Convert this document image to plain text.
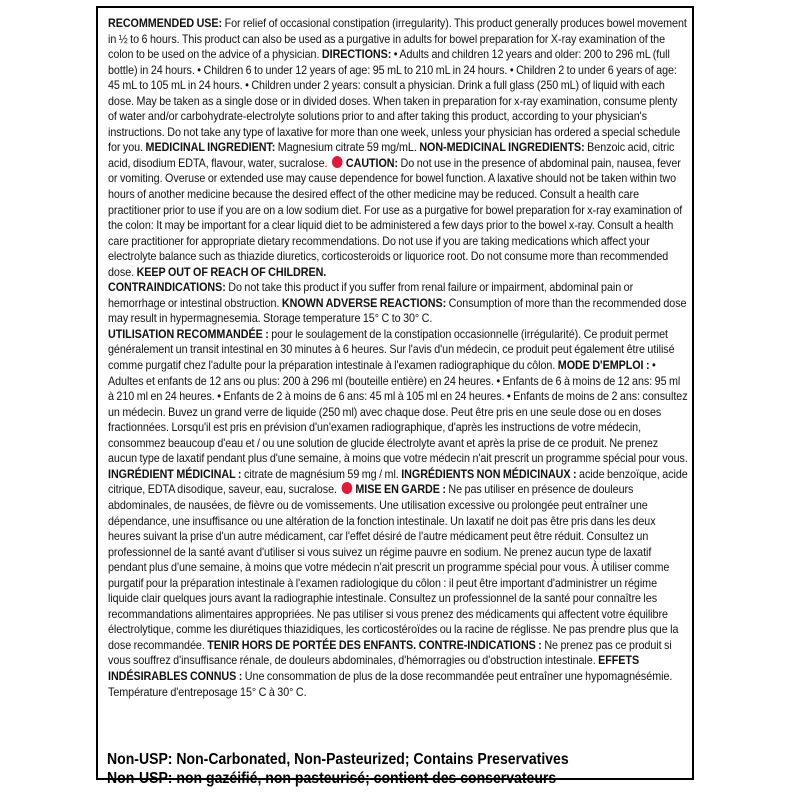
RECOMMENDED USE: For relief of occasional constipation (irregularity). This product generally produces bowel movement in ½ to 6 hours. This product can also be used as a purgative in adults for bowel preparation for X-ray examination of the colon to be used on the advice of a physician. DIRECTIONS: • Adults and children 12 years and older: 200 to 296 mL (full bottle) in 24 hours. • Children 6 to under 12 years of age: 95 mL to 210 mL in 24 hours. • Children 2 to under 6 years of age: 45 mL to 105 mL in 24 hours. • Children under 2 years: consult a physician. Drink a full glass (250 mL) of liquid with each dose. May be taken as a single dose or in divided doses. When taken in preparation for x-ray examination, consume plenty of water and/or carbohydrate-electrolyte solutions prior to and after taking this product, according to your physician's instructions. Do not take any type of laxative for more than one week, unless your physician has ordered a special schedule for you. MEDICINAL INGREDIENT: Magnesium citrate 59 mg/mL. NON-MEDICINAL INGREDIENTS: Benzoic acid, citric acid, disodium EDTA, flavour, water, sucralose. CAUTION: Do not use in the presence of abdominal pain, nausea, fever or vomiting. Overuse or extended use may cause dependence for bowel function. A laxative should not be taken within two hours of another medicine because the desired effect of the other medicine may be reduced. Consult a health care practitioner prior to use if you are on a low sodium diet. For use as a purgative for bowel preparation for x-ray examination of the colon: It may be important for a clear liquid diet to be administered a few days prior to the bowel x-ray. Consult a health care practitioner for appropriate dietary recommendations. Do not use if you are taking medications which affect your electrolyte balance such as thiazide diuretics, corticosteroids or liquorice root. Do not consume more than recommended dose. KEEP OUT OF REACH OF CHILDREN.

CONTRAINDICATIONS: Do not take this product if you suffer from renal failure or impairment, abdominal pain or hemorrhage or intestinal obstruction. KNOWN ADVERSE REACTIONS: Consumption of more than the recommended dose may result in hypermagnesemia. Storage temperature 15° C to 30° C.

UTILISATION RECOMMANDÉE : pour le soulagement de la constipation occasionnelle (irrégularité). Ce produit permet généralement un transit intestinal en 30 minutes à 6 heures. Sur l'avis d'un médecin, ce produit peut également être utilisé comme purgatif chez l'adulte pour la préparation intestinale à l'examen radiographique du côlon. MODE D'EMPLOI : • Adultes et enfants de 12 ans ou plus: 200 à 296 ml (bouteille entière) en 24 heures. • Enfants de 6 à moins de 12 ans: 95 ml à 210 ml en 24 heures. • Enfants de 2 à moins de 6 ans: 45 ml à 105 ml en 24 heures. • Enfants de moins de 2 ans: consultez un médecin. Buvez un grand verre de liquide (250 ml) avec chaque dose. Peut être pris en une seule dose ou en doses fractionnées. Lorsqu'il est pris en prévision d'un'examen radiographique, d'après les instructions de votre médecin, consommez beaucoup d'eau et / ou une solution de glucide électrolyte avant et après la prise de ce produit. Ne prenez aucun type de laxatif pendant plus d'une semaine, à moins que votre médecin n'ait prescrit un programme spécial pour vous. INGRÉDIENT MÉDICINAL : citrate de magnésium 59 mg / ml. INGRÉDIENTS NON MÉDICINAUX : acide benzoïque, acide citrique, EDTA disodique, saveur, eau, sucralose. MISE EN GARDE : Ne pas utiliser en présence de douleurs abdominales, de nausées, de fièvre ou de vomissements. Une utilisation excessive ou prolongée peut entraîner une dépendance, une insuffisance ou une altération de la fonction intestinale. Un laxatif ne doit pas être pris dans les deux heures suivant la prise d'un autre médicament, car l'effet désiré de l'autre médicament peut être réduit. Consultez un professionnel de la santé avant d'utiliser si vous suivez un régime pauvre en sodium. Ne prenez aucun type de laxatif pendant plus d'une semaine, à moins que votre médecin n'ait prescrit un programme spécial pour vous. À utiliser comme purgatif pour la préparation intestinale à l'examen radiologique du côlon : il peut être important d'administrer un régime liquide clair quelques jours avant la radiographie intestinale. Consultez un professionnel de la santé pour connaître les recommandations alimentaires appropriées. Ne pas utiliser si vous prenez des médicaments qui affectent votre équilibre électrolytique, comme les diurétiques thiazidiques, les corticostéroïdes ou la racine de réglisse. Ne pas prendre plus que la dose recommandée. TENIR HORS DE PORTÉE DES ENFANTS. CONTRE-INDICATIONS : Ne prenez pas ce produit si vous souffrez d'insuffisance rénale, de douleurs abdominales, d'hémorragies ou d'obstruction intestinale. EFFETS INDÉSIRABLES CONNUS : Une consommation de plus de la dose recommandée peut entraîner une hypomagnésémie. Température d'entreposage 15° C à 30° C.

Non-USP: Non-Carbonated, Non-Pasteurized; Contains Preservatives
Non-USP: non gazéifié, non pasteurisé; contient des conservateurs
